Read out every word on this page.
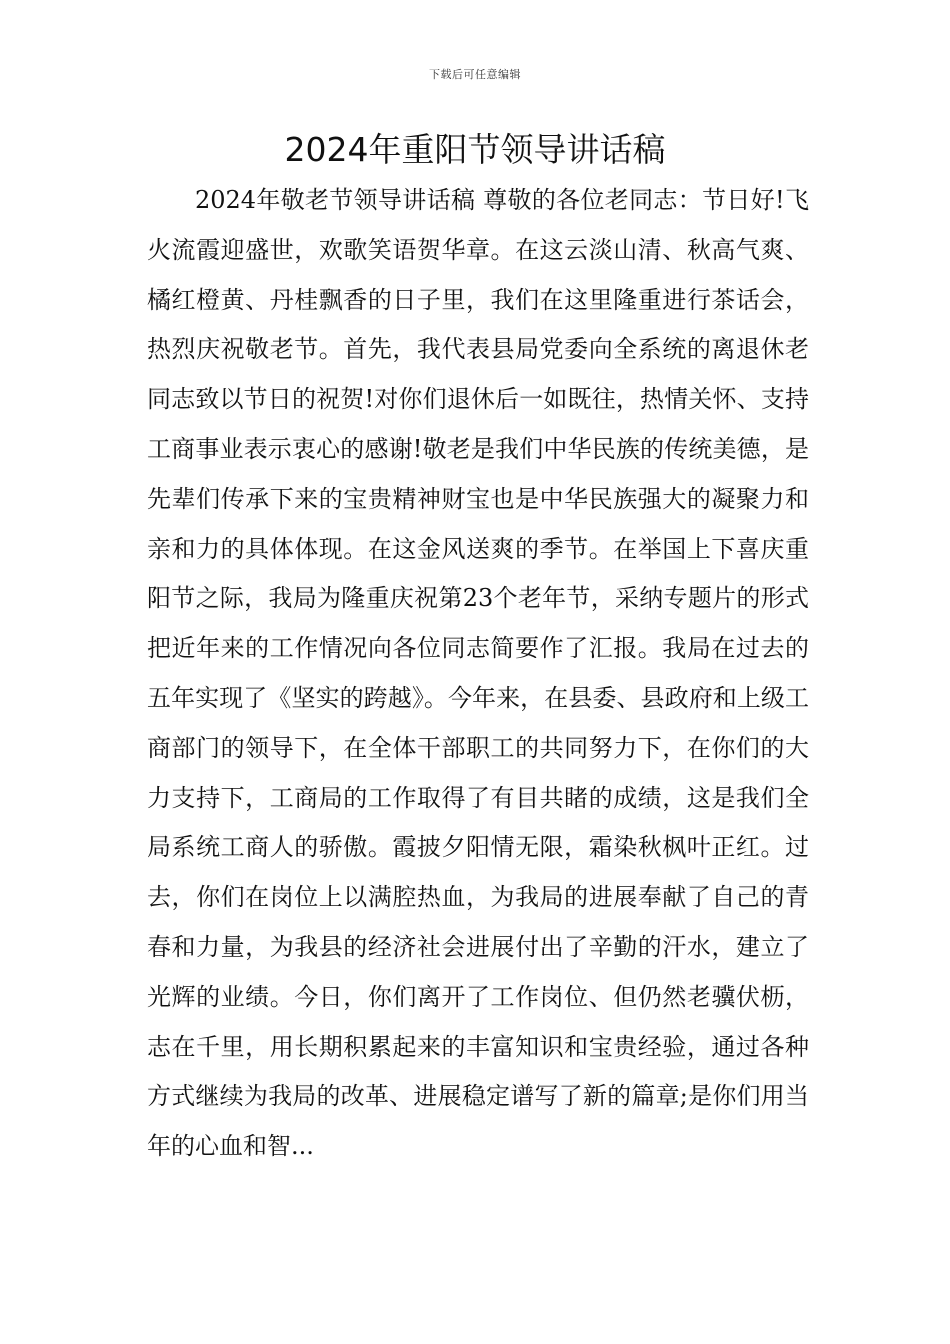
下载后可任意编辑
2024年重阳节领导讲话稿

2024年敬老节领导讲话稿 尊敬的各位老同志：节日好!飞火流霞迎盛世，欢歌笑语贺华章。在这云淡山清、秋高气爽、橘红橙黄、丹桂飘香的日子里，我们在这里隆重进行茶话会，热烈庆祝敬老节。首先，我代表县局党委向全系统的离退休老同志致以节日的祝贺!对你们退休后一如既往，热情关怀、支持工商事业表示衷心的感谢!敬老是我们中华民族的传统美德，是先辈们传承下来的宝贵精神财宝也是中华民族强大的凝聚力和亲和力的具体体现。在这金风送爽的季节。在举国上下喜庆重阳节之际，我局为隆重庆祝第23个老年节，采纳专题片的形式把近年来的工作情况向各位同志简要作了汇报。我局在过去的五年实现了《坚实的跨越》。今年来，在县委、县政府和上级工商部门的领导下，在全体干部职工的共同努力下，在你们的大力支持下，工商局的工作取得了有目共睹的成绩，这是我们全局系统工商人的骄傲。霞披夕阳情无限，霜染秋枫叶正红。过去，你们在岗位上以满腔热血，为我局的进展奉献了自己的青春和力量，为我县的经济社会进展付出了辛勤的汗水，建立了光辉的业绩。今日，你们离开了工作岗位、但仍然老骥伏枥，志在千里，用长期积累起来的丰富知识和宝贵经验，通过各种方式继续为我局的改革、进展稳定谱写了新的篇章;是你们用当年的心血和智...
